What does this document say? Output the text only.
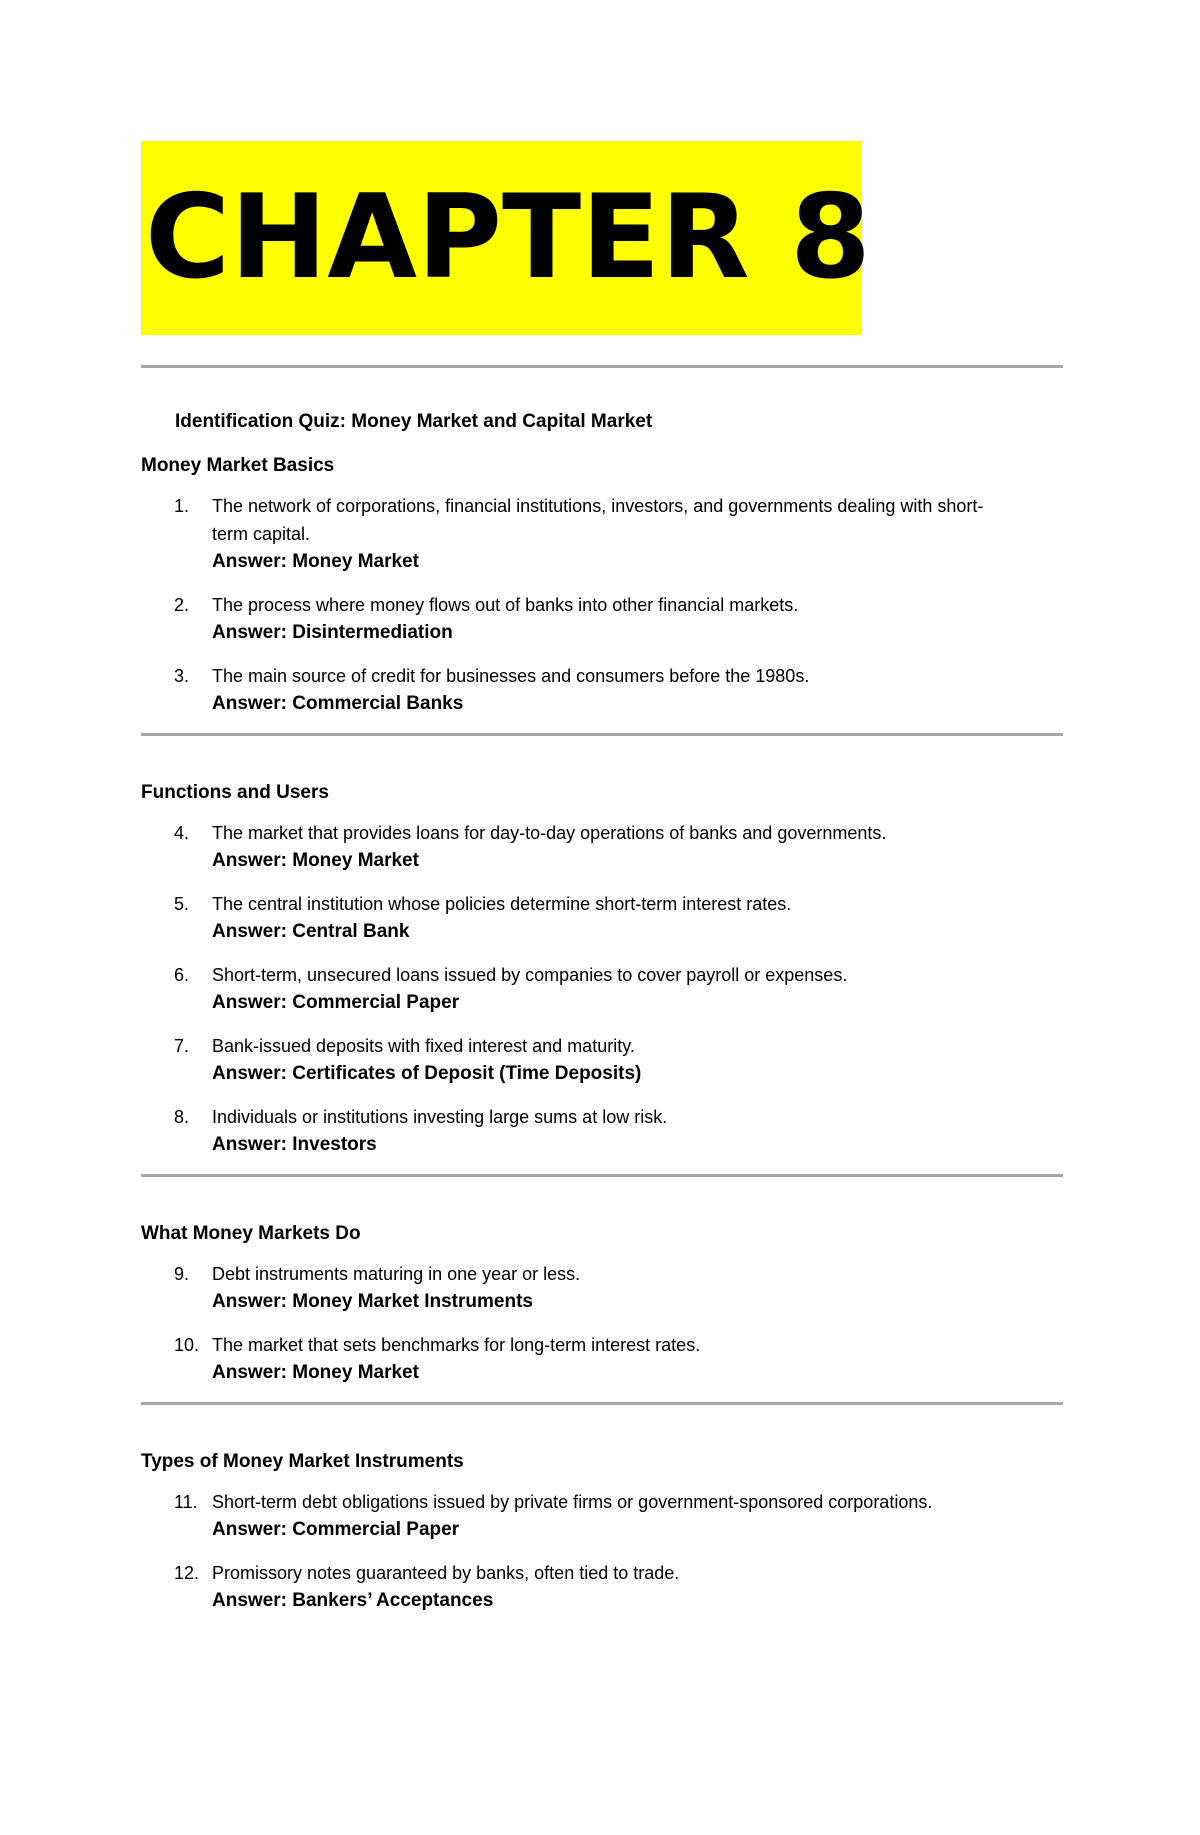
CHAPTER 8
Identification Quiz: Money Market and Capital Market
Money Market Basics
1.	The network of corporations, financial institutions, investors, and governments dealing with short-term capital.
Answer: Money Market
2.	The process where money flows out of banks into other financial markets.
Answer: Disintermediation
3.	The main source of credit for businesses and consumers before the 1980s.
Answer: Commercial Banks
Functions and Users
4.	The market that provides loans for day-to-day operations of banks and governments.
Answer: Money Market
5.	The central institution whose policies determine short-term interest rates.
Answer: Central Bank
6.	Short-term, unsecured loans issued by companies to cover payroll or expenses.
Answer: Commercial Paper
7.	Bank-issued deposits with fixed interest and maturity.
Answer: Certificates of Deposit (Time Deposits)
8.	Individuals or institutions investing large sums at low risk.
Answer: Investors
What Money Markets Do
9.	Debt instruments maturing in one year or less.
Answer: Money Market Instruments
10. The market that sets benchmarks for long-term interest rates.
Answer: Money Market
Types of Money Market Instruments
11. Short-term debt obligations issued by private firms or government-sponsored corporations.
Answer: Commercial Paper
12. Promissory notes guaranteed by banks, often tied to trade.
Answer: Bankers’ Acceptances
